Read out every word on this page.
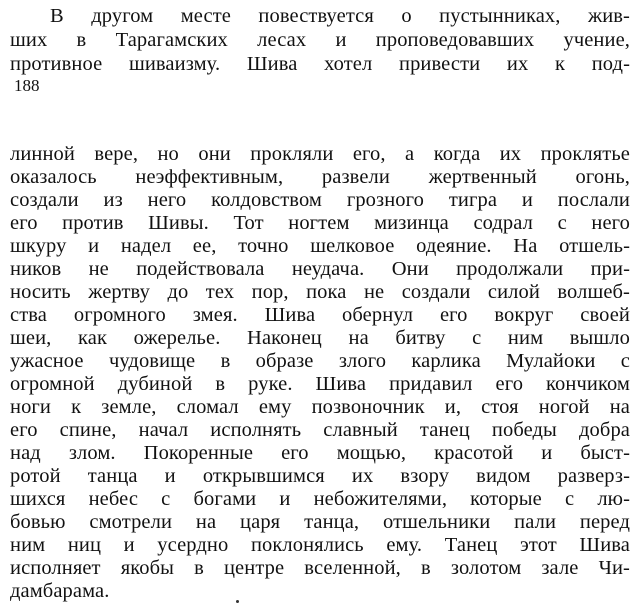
В другом месте повествуется о пустынниках, жив-
ших в Тарагамских лесах и проповедовавших учение,
противное шиваизму. Шива хотел привести их к под-
188
линной вере, но они прокляли его, а когда их проклятье
оказалось неэффективным, развели жертвенный огонь,
создали из него колдовством грозного тигра и послали
его против Шивы. Тот ногтем мизинца содрал с него
шкуру и надел ее, точно шелковое одеяние. На отшель-
ников не подействовала неудача. Они продолжали при-
носить жертву до тех пор, пока не создали силой волшеб-
ства огромного змея. Шива обернул его вокруг своей
шеи, как ожерелье. Наконец на битву с ним вышло
ужасное чудовище в образе злого карлика Мулайоки с
огромной дубиной в руке. Шива придавил его кончиком
ноги к земле, сломал ему позвоночник и, стоя ногой на
его спине, начал исполнять славный танец победы добра
над злом. Покоренные его мощью, красотой и быст-
ротой танца и открывшимся их взору видом разверз-
шихся небес с богами и небожителями, которые с лю-
бовью смотрели на царя танца, отшельники пали перед
ним ниц и усердно поклонялись ему. Танец этот Шива
исполняет якобы в центре вселенной, в золотом зале Чи-
дамбарама.
